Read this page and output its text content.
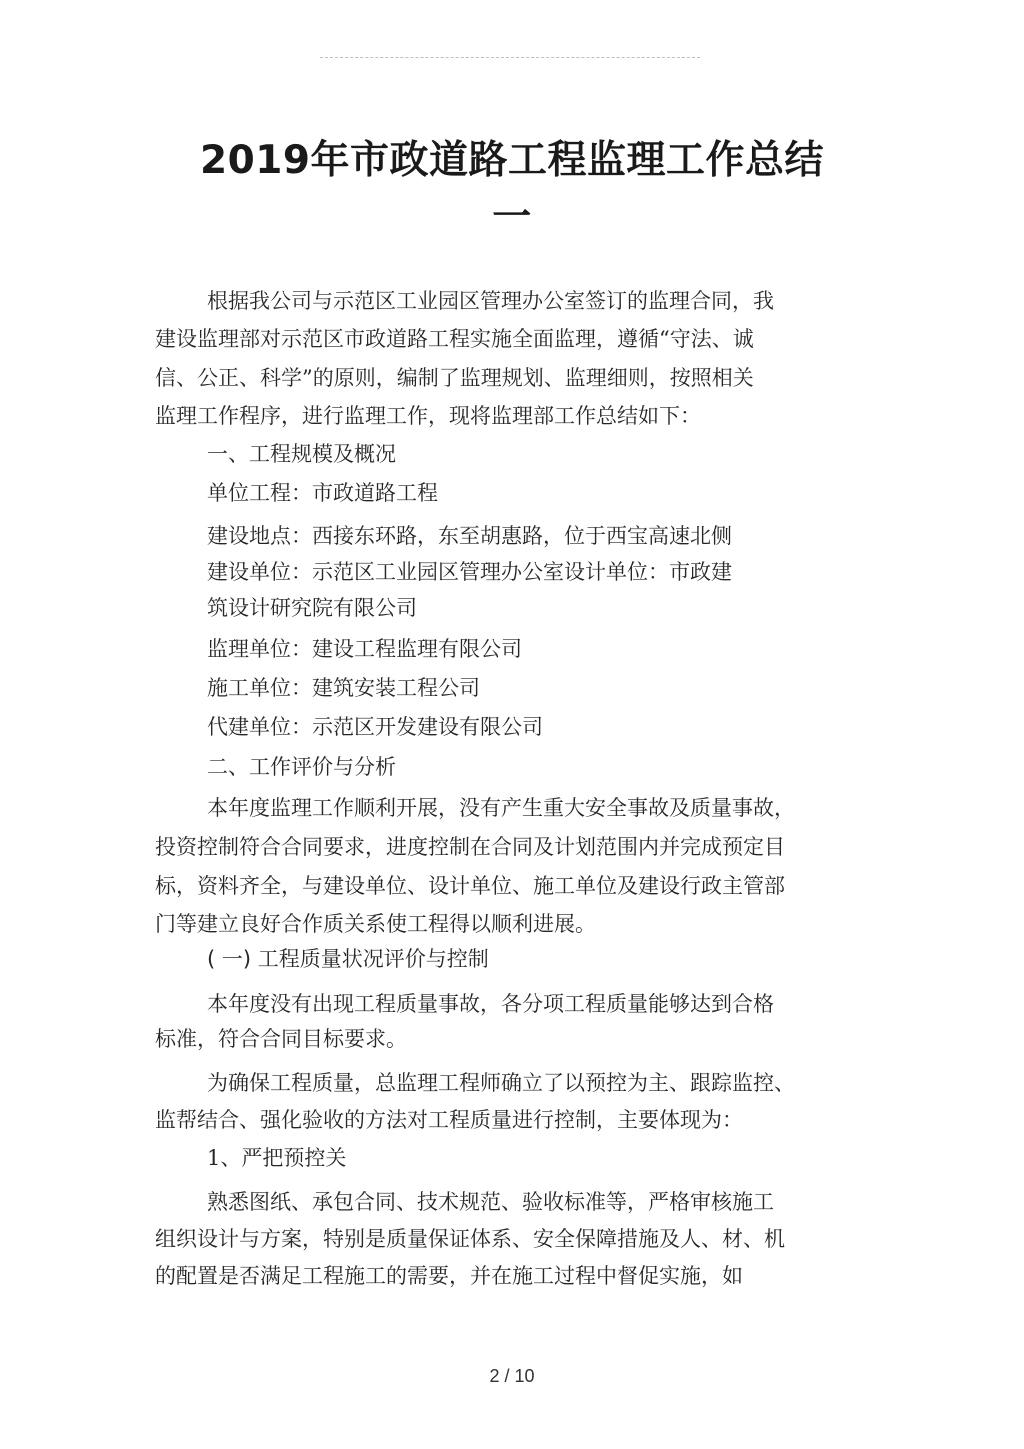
2019年市政道路工程监理工作总结
一

根据我公司与示范区工业园区管理办公室签订的监理合同，我

建设监理部对示范区市政道路工程实施全面监理，遵循“守法、诚

信、公正、科学”的原则，编制了监理规划、监理细则，按照相关

监理工作程序，进行监理工作，现将监理部工作总结如下：

一、工程规模及概况

单位工程：市政道路工程

建设地点：西接东环路，东至胡惠路，位于西宝高速北侧

建设单位：示范区工业园区管理办公室设计单位：市政建

筑设计研究院有限公司

监理单位：建设工程监理有限公司

施工单位：建筑安装工程公司

代建单位：示范区开发建设有限公司

二、工作评价与分析

本年度监理工作顺利开展，没有产生重大安全事故及质量事故，

投资控制符合合同要求，进度控制在合同及计划范围内并完成预定目

标，资料齐全，与建设单位、设计单位、施工单位及建设行政主管部

门等建立良好合作质关系使工程得以顺利进展。

( 一) 工程质量状况评价与控制

本年度没有出现工程质量事故，各分项工程质量能够达到合格

标准，符合合同目标要求。

为确保工程质量，总监理工程师确立了以预控为主、跟踪监控、

监帮结合、强化验收的方法对工程质量进行控制，主要体现为：

1、严把预控关

熟悉图纸、承包合同、技术规范、验收标准等，严格审核施工

组织设计与方案，特别是质量保证体系、安全保障措施及人、材、机

的配置是否满足工程施工的需要，并在施工过程中督促实施，如

2 / 10
